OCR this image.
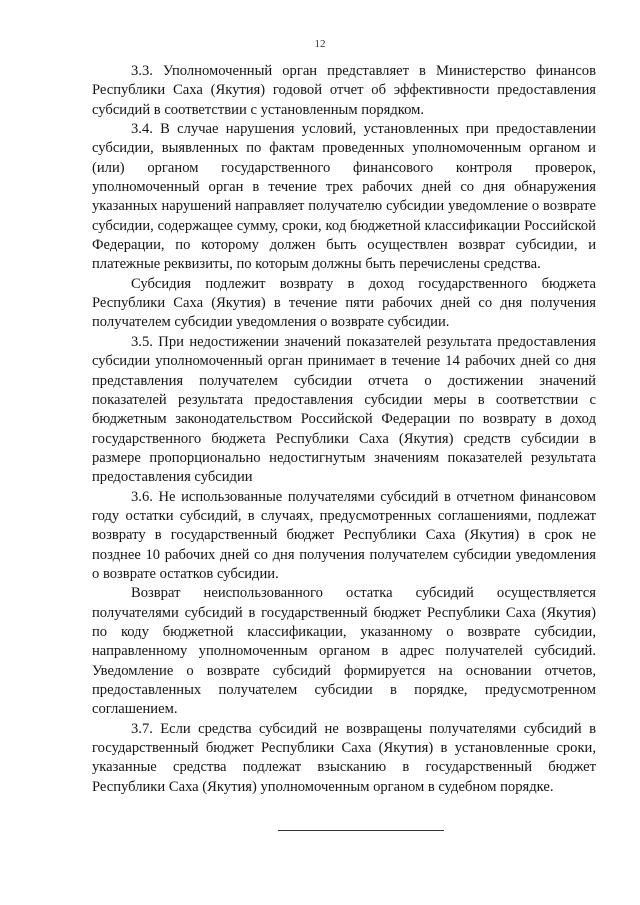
12

3.3. Уполномоченный орган представляет в Министерство финансов Республики Саха (Якутия) годовой отчет об эффективности предоставления субсидий в соответствии с установленным порядком.

3.4. В случае нарушения условий, установленных при предоставлении субсидии, выявленных по фактам проведенных уполномоченным органом и (или) органом государственного финансового контроля проверок, уполномоченный орган в течение трех рабочих дней со дня обнаружения указанных нарушений направляет получателю субсидии уведомление о возврате субсидии, содержащее сумму, сроки, код бюджетной классификации Российской Федерации, по которому должен быть осуществлен возврат субсидии, и платежные реквизиты, по которым должны быть перечислены средства.

Субсидия подлежит возврату в доход государственного бюджета Республики Саха (Якутия) в течение пяти рабочих дней со дня получения получателем субсидии уведомления о возврате субсидии.

3.5. При недостижении значений показателей результата предоставления субсидии уполномоченный орган принимает в течение 14 рабочих дней со дня представления получателем субсидии отчета о достижении значений показателей результата предоставления субсидии меры в соответствии с бюджетным законодательством Российской Федерации по возврату в доход государственного бюджета Республики Саха (Якутия) средств субсидии в размере пропорционально недостигнутым значениям показателей результата предоставления субсидии

3.6. Не использованные получателями субсидий в отчетном финансовом году остатки субсидий, в случаях, предусмотренных соглашениями, подлежат возврату в государственный бюджет Республики Саха (Якутия) в срок не позднее 10 рабочих дней со дня получения получателем субсидии уведомления о возврате остатков субсидии.

Возврат неиспользованного остатка субсидий осуществляется получателями субсидий в государственный бюджет Республики Саха (Якутия) по коду бюджетной классификации, указанному о возврате субсидии, направленному уполномоченным органом в адрес получателей субсидий. Уведомление о возврате субсидий формируется на основании отчетов, предоставленных получателем субсидии в порядке, предусмотренном соглашением.

3.7. Если средства субсидий не возвращены получателями субсидий в государственный бюджет Республики Саха (Якутия) в установленные сроки, указанные средства подлежат взысканию в государственный бюджет Республики Саха (Якутия) уполномоченным органом в судебном порядке.
